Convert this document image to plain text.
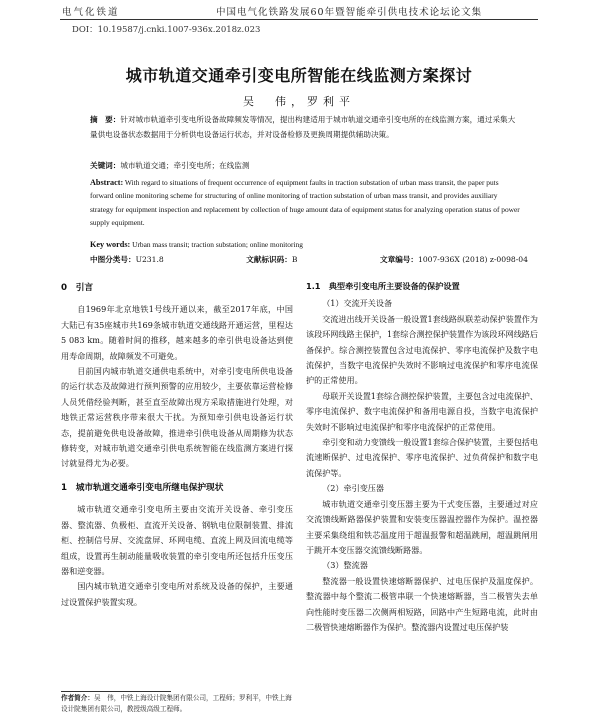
电气化铁道	中国电气化铁路发展60年暨智能牵引供电技术论坛论文集
DOI：10.19587/j.cnki.1007-936x.2018z.023
城市轨道交通牵引变电所智能在线监测方案探讨
吴　伟，罗利平
摘　要：针对城市轨道牵引变电所设备故障频发等情况，提出构建适用于城市轨道交通牵引变电所的在线监测方案，通过采集大量供电设备状态数据用于分析供电设备运行状态，并对设备检修及更换周期提供辅助决策。
关键词：城市轨道交通；牵引变电所；在线监测
Abstract: With regard to situations of frequent occurrence of equipment faults in traction substation of urban mass transit, the paper puts forward online monitoring scheme for structuring of online monitoring of traction substation of urban mass transit, and provides auxiliary strategy for equipment inspection and replacement by collection of huge amount data of equipment status for analyzing operation status of power supply equipment.
Key words: Urban mass transit; traction substation; online monitoring
中图分类号：U231.8	文献标识码：B	文章编号：1007-936X (2018) z-0098-04
0　引言

自1969年北京地铁1号线开通以来，截至2017年底，中国大陆已有35座城市共169条城市轨道交通线路开通运营，里程达5 083 km。随着时间的推移，越来越多的牵引供电设备达到使用寿命周期，故障频发不可避免。

目前国内城市轨道交通供电系统中，对牵引变电所供电设备的运行状态及故障进行预判预警的应用较少，主要依靠运营检修人员凭借经验判断，甚至直至故障出现方采取措施进行处理，对地铁正常运营秩序带来很大干扰。为预知牵引供电设备运行状态，提前避免供电设备故障，推进牵引供电设备从周期修为状态修转变，对城市轨道交通牵引供电系统智能在线监测方案进行探讨就显得尤为必要。

1　城市轨道交通牵引变电所继电保护现状

城市轨道交通牵引变电所主要由交流开关设备、牵引变压器、整流器、负极柜、直流开关设备、钢轨电位限制装置、排流柜、控制信号屏、交流盘屏、环网电缆、直流上网及回流电缆等组成，设置再生制动能量吸收装置的牵引变电所还包括升压变压器和逆变器。

国内城市轨道交通牵引变电所对系统及设备的保护，主要通过设置保护装置实现。

1.1　典型牵引变电所主要设备的保护设置
（1）交流开关设备

交流进出线开关设备一般设置1套线路纵联差动保护装置作为该段环网线路主保护，1套综合测控保护装置作为该段环网线路后备保护。综合测控装置包含过电流保护、零序电流保护及数字电流保护，当数字电流保护失效时不影响过电流保护和零序电流保护的正常使用。

母联开关设置1套综合测控保护装置，主要包含过电流保护、零序电流保护、数字电流保护和备用电源自投，当数字电流保护失效时不影响过电流保护和零序电流保护的正常使用。

牵引变和动力变馈线一般设置1套综合保护装置，主要包括电流速断保护、过电流保护、零序电流保护、过负荷保护和数字电流保护等。

（2）牵引变压器

城市轨道交通牵引变压器主要为干式变压器，主要通过对应交流馈线断路器保护装置和安装变压器温控器作为保护。温控器主要采集绕组和铁芯温度用于超温报警和超温跳闸，超温跳闸用于跳开本变压器交流馈线断路器。

（3）整流器

整流器一般设置快速熔断器保护、过电压保护及温度保护。整流器中每个整流二极管串联一个快速熔断器，当二极管失去单向性能时变压器二次侧两相短路，回路中产生短路电流，此时由二极管快速熔断器作为保护。整流器内设置过电压保护装

作者简介：吴　伟，中铁上海设计院集团有限公司，工程师；罗利平，中铁上海设计院集团有限公司，教授级高级工程师。
